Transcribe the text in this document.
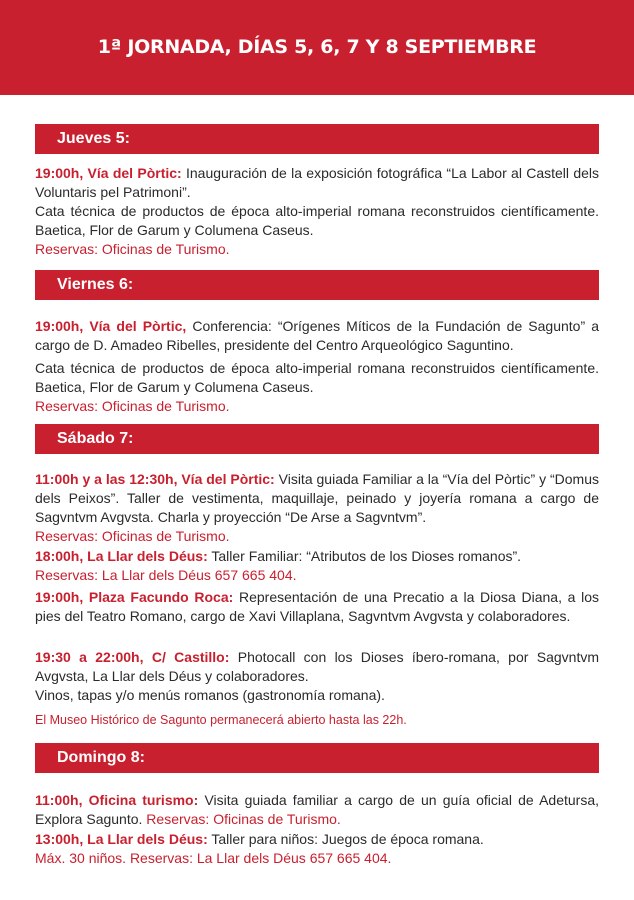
1ª JORNADA, DÍAS 5, 6, 7 Y 8 SEPTIEMBRE
Jueves 5:

19:00h, Vía del Pòrtic: Inauguración de la exposición fotográfica “La Labor al Castell dels Voluntaris pel Patrimoni”.

Cata técnica de productos de época alto-imperial romana reconstruidos científicamente. Baetica, Flor de Garum y Columena Caseus.

Reservas: Oficinas de Turismo.

Viernes 6:

19:00h, Vía del Pòrtic, Conferencia: “Orígenes Míticos de la Fundación de Sagunto” a cargo de D. Amadeo Ribelles, presidente del Centro Arqueológico Saguntino.

Cata técnica de productos de época alto-imperial romana reconstruidos científicamente. Baetica, Flor de Garum y Columena Caseus.

Reservas: Oficinas de Turismo.

Sábado 7:

11:00h y a las 12:30h, Vía del Pòrtic: Visita guiada Familiar a la “Vía del Pòrtic” y “Domus dels Peixos”. Taller de vestimenta, maquillaje, peinado y joyería romana a cargo de Sagvntvm Avgvsta. Charla y proyección “De Arse a Sagvntvm”.

Reservas: Oficinas de Turismo.

18:00h, La Llar dels Déus: Taller Familiar: “Atributos de los Dioses romanos”.

Reservas: La Llar dels Déus 657 665 404.

19:00h, Plaza Facundo Roca: Representación de una Precatio a la Diosa Diana, a los pies del Teatro Romano, cargo de Xavi Villaplana, Sagvntvm Avgvsta y colaboradores.

19:30 a 22:00h, C/ Castillo: Photocall con los Dioses íbero-romana, por Sagvntvm Avgvsta, La Llar dels Déus y colaboradores.

Vinos, tapas y/o menús romanos (gastronomía romana).

El Museo Histórico de Sagunto permanecerá abierto hasta las 22h.
Domingo 8:

11:00h, Oficina turismo: Visita guiada familiar a cargo de un guía oficial de Adetursa, Explora Sagunto. Reservas: Oficinas de Turismo.

13:00h, La Llar dels Déus: Taller para niños: Juegos de época romana.

Máx. 30 niños. Reservas: La Llar dels Déus 657 665 404.
